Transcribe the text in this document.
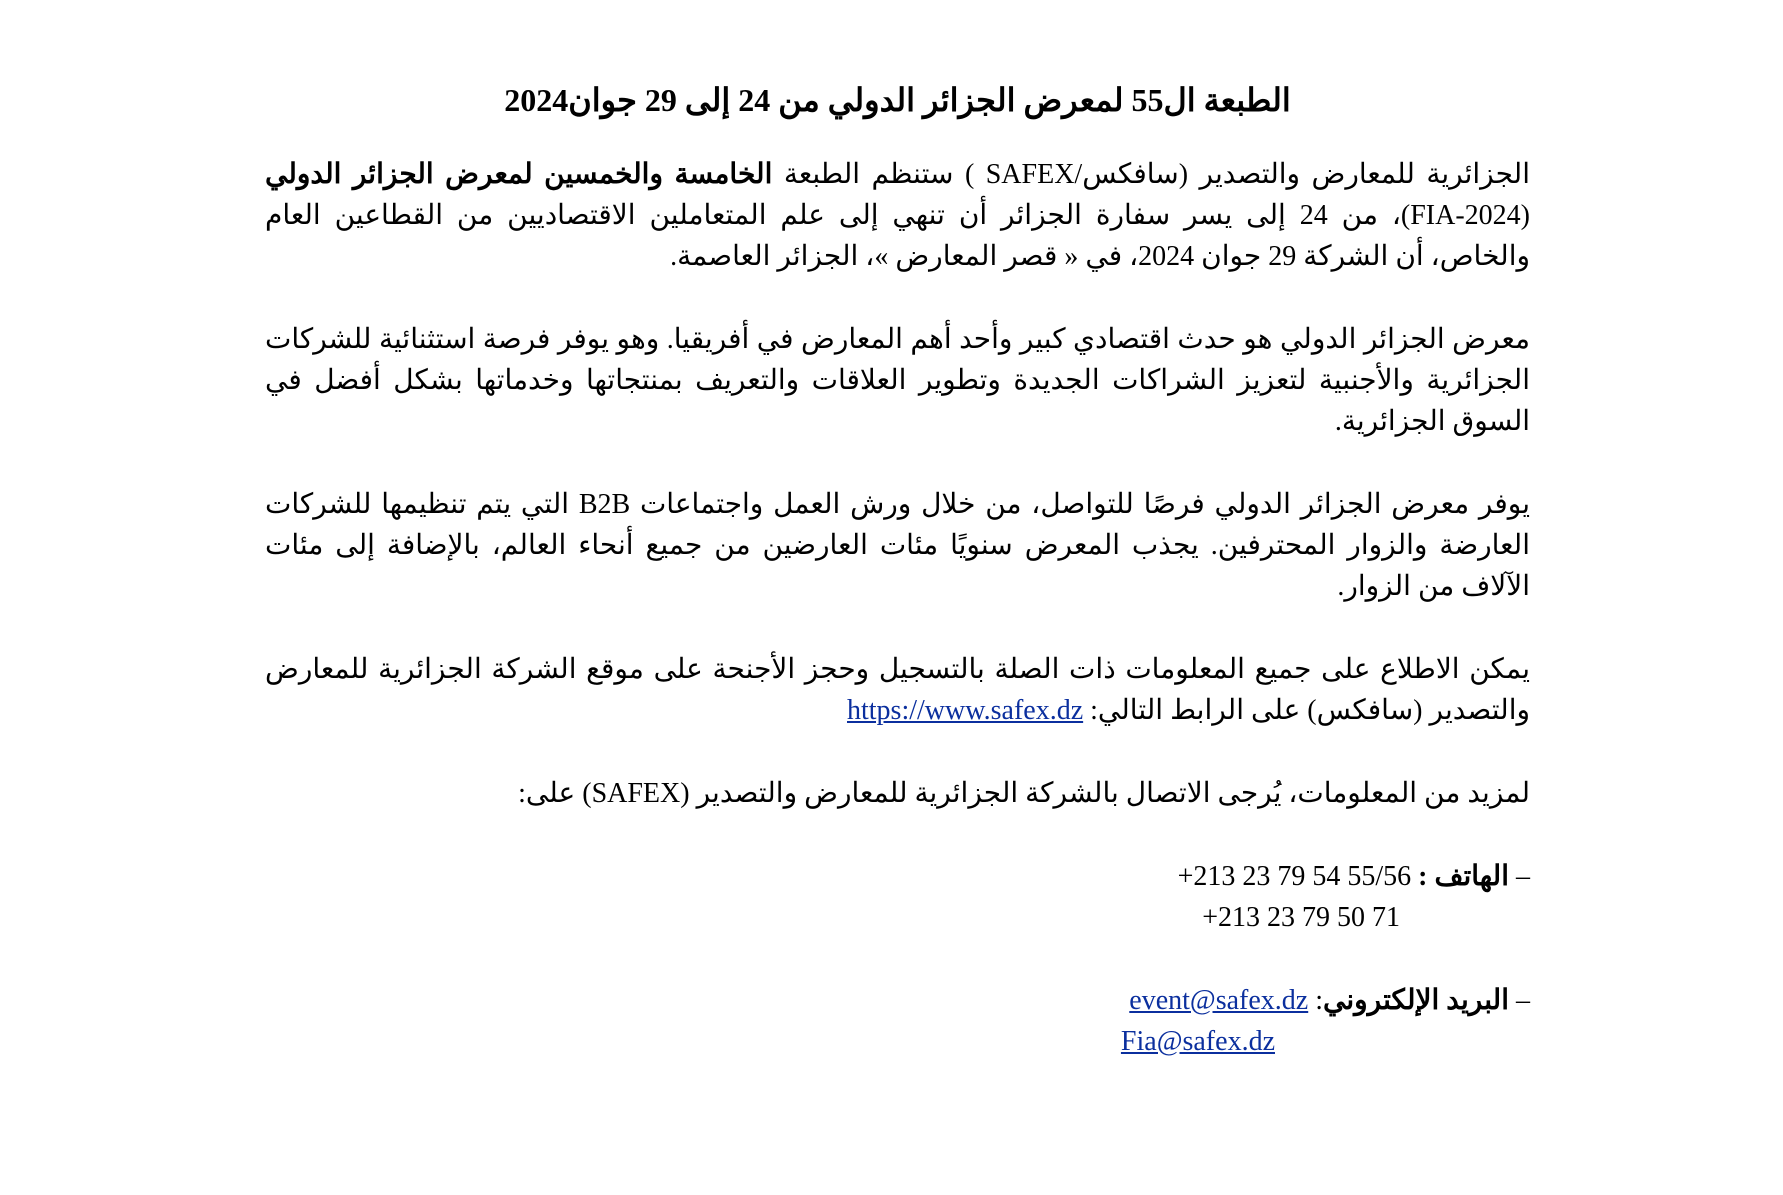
الطبعة ال55 لمعرض الجزائر الدولي من 24 إلى 29 جوان2024

الجزائرية للمعارض والتصدير (سافكس/SAFEX ) ستنظم الطبعة الخامسة والخمسين لمعرض الجزائر الدولي (FIA-2024)، من 24 إلى يسر سفارة الجزائر أن تنهي إلى علم المتعاملين الاقتصاديين من القطاعين العام والخاص، أن الشركة 29 جوان 2024، في « قصر المعارض »، الجزائر العاصمة.

معرض الجزائر الدولي هو حدث اقتصادي كبير وأحد أهم المعارض في أفريقيا. وهو يوفر فرصة استثنائية للشركات الجزائرية والأجنبية لتعزيز الشراكات الجديدة وتطوير العلاقات والتعريف بمنتجاتها وخدماتها بشكل أفضل في السوق الجزائرية.

يوفر معرض الجزائر الدولي فرصًا للتواصل، من خلال ورش العمل واجتماعات B2B التي يتم تنظيمها للشركات العارضة والزوار المحترفين. يجذب المعرض سنويًا مئات العارضين من جميع أنحاء العالم، بالإضافة إلى مئات الآلاف من الزوار.

يمكن الاطلاع على جميع المعلومات ذات الصلة بالتسجيل وحجز الأجنحة على موقع الشركة الجزائرية للمعارض والتصدير (سافكس) على الرابط التالي: https://www.safex.dz

لمزيد من المعلومات، يُرجى الاتصال بالشركة الجزائرية للمعارض والتصدير (SAFEX) على:

– الهاتف : +213 23 79 54 55/56
+213 23 79 50 71
– البريد الإلكتروني: event@safex.dz
Fia@safex.dz
